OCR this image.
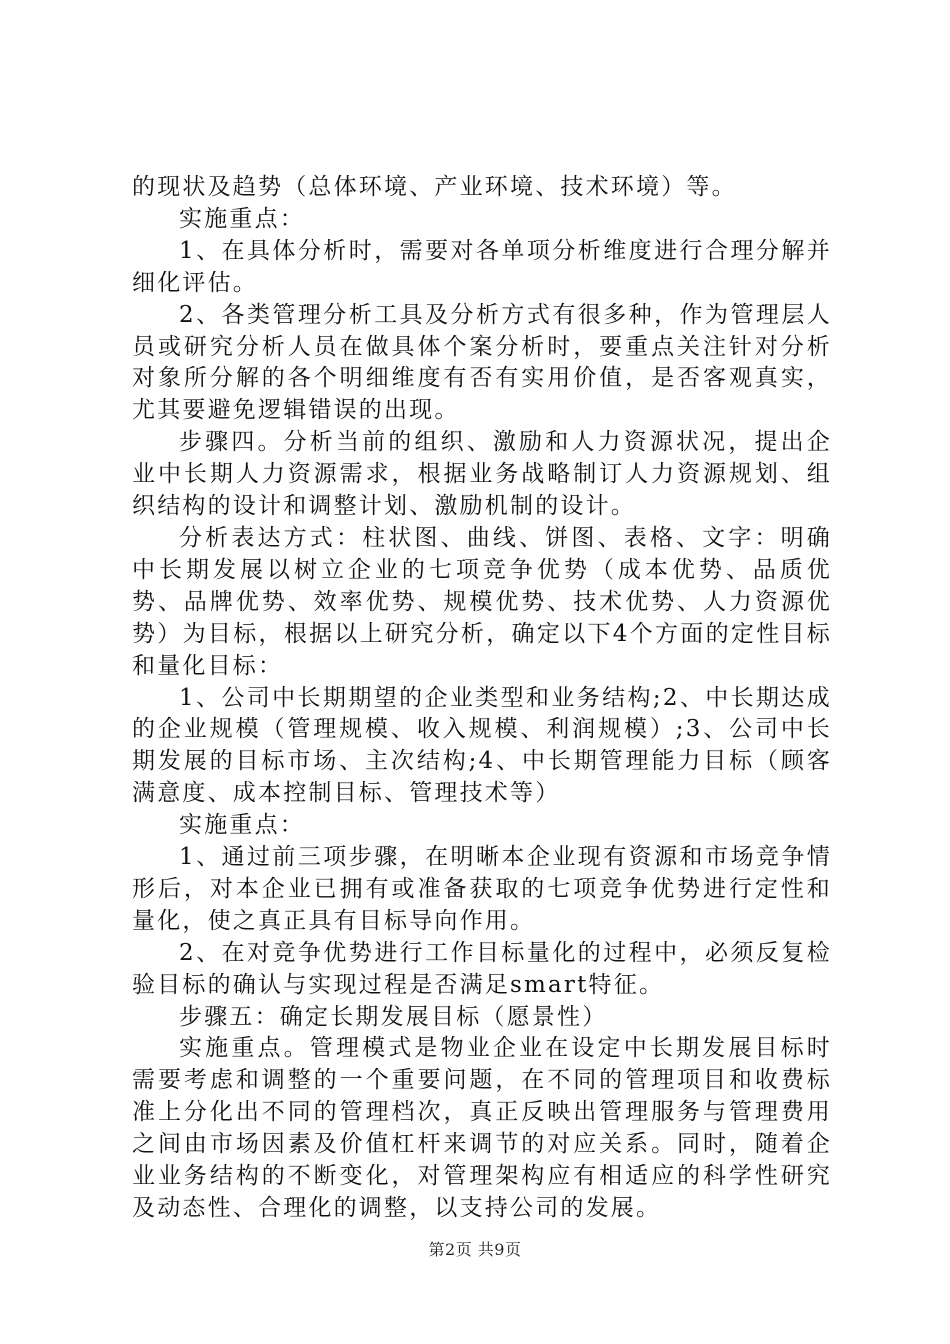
的现状及趋势（总体环境、产业环境、技术环境）等。

实施重点：

1、在具体分析时，需要对各单项分析维度进行合理分解并细化评估。

2、各类管理分析工具及分析方式有很多种，作为管理层人员或研究分析人员在做具体个案分析时，要重点关注针对分析对象所分解的各个明细维度有否有实用价值，是否客观真实，尤其要避免逻辑错误的出现。

步骤四。分析当前的组织、激励和人力资源状况，提出企业中长期人力资源需求，根据业务战略制订人力资源规划、组织结构的设计和调整计划、激励机制的设计。

分析表达方式：柱状图、曲线、饼图、表格、文字：明确中长期发展以树立企业的七项竞争优势（成本优势、品质优势、品牌优势、效率优势、规模优势、技术优势、人力资源优势）为目标，根据以上研究分析，确定以下4个方面的定性目标和量化目标：

1、公司中长期期望的企业类型和业务结构;2、中长期达成的企业规模（管理规模、收入规模、利润规模）;3、公司中长期发展的目标市场、主次结构;4、中长期管理能力目标（顾客满意度、成本控制目标、管理技术等）

实施重点：

1、通过前三项步骤，在明晰本企业现有资源和市场竞争情形后，对本企业已拥有或准备获取的七项竞争优势进行定性和量化，使之真正具有目标导向作用。

2、在对竞争优势进行工作目标量化的过程中，必须反复检验目标的确认与实现过程是否满足smart特征。

步骤五：确定长期发展目标（愿景性）

实施重点。管理模式是物业企业在设定中长期发展目标时需要考虑和调整的一个重要问题，在不同的管理项目和收费标准上分化出不同的管理档次，真正反映出管理服务与管理费用之间由市场因素及价值杠杆来调节的对应关系。同时，随着企业业务结构的不断变化，对管理架构应有相适应的科学性研究及动态性、合理化的调整，以支持公司的发展。

第2页 共9页
